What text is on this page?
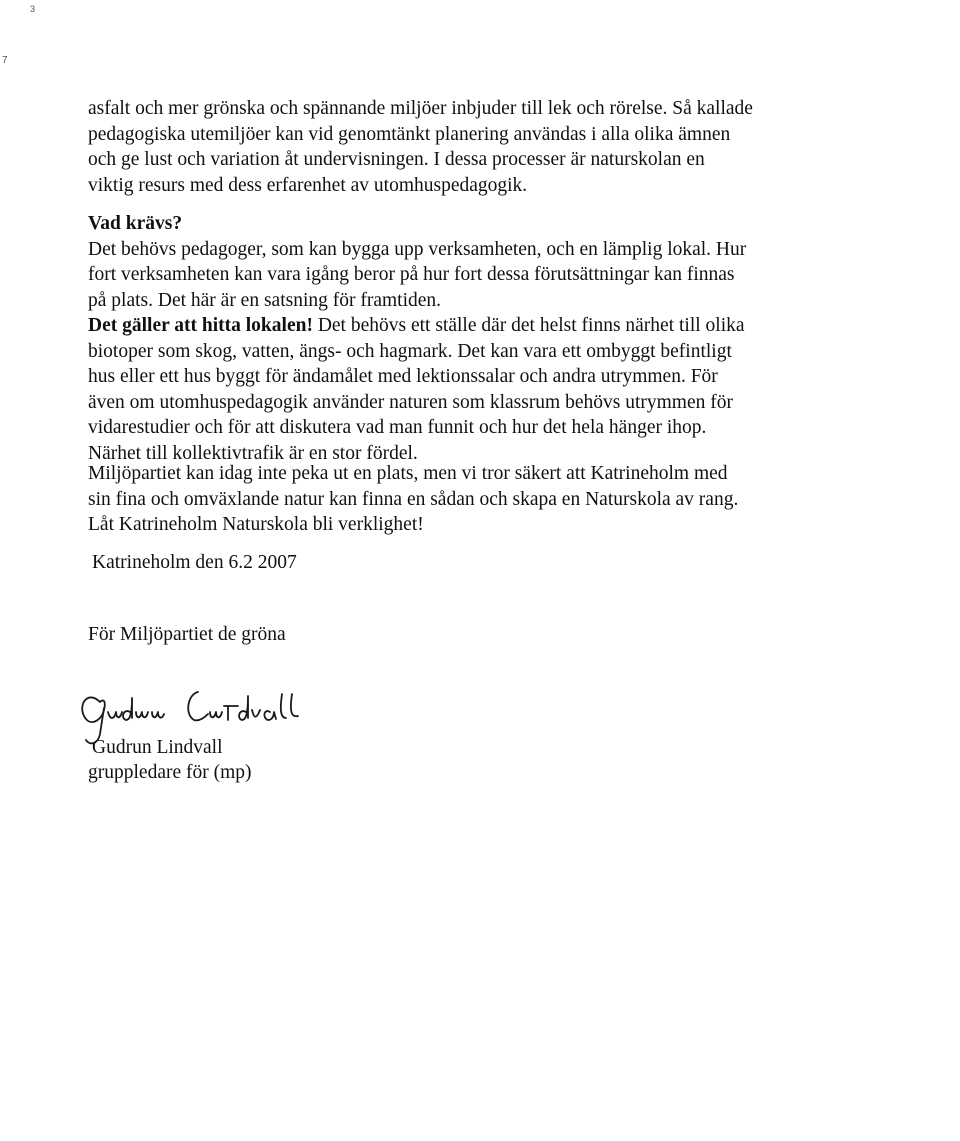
3
7

asfalt och mer grönska och spännande miljöer inbjuder till lek och rörelse. Så kallade
pedagogiska utemiljöer kan vid genomtänkt planering användas i alla olika ämnen
och ge lust och variation åt undervisningen. I dessa processer är naturskolan en
viktig resurs med dess erfarenhet av utomhuspedagogik.

Vad krävs?
Det behövs pedagoger, som kan bygga upp verksamheten, och en lämplig lokal. Hur
fort verksamheten kan vara igång beror på hur fort dessa förutsättningar kan finnas
på plats. Det här är en satsning för framtiden.
Det gäller att hitta lokalen! Det behövs ett ställe där det helst finns närhet till olika
biotoper som skog, vatten, ängs- och hagmark. Det kan vara ett ombyggt befintligt
hus eller ett hus byggt för ändamålet med lektionssalar och andra utrymmen. För
även om utomhuspedagogik använder naturen som klassrum behövs utrymmen för
vidarestudier och för att diskutera vad man funnit och hur det hela hänger ihop.
Närhet till kollektivtrafik är en stor fördel.
Miljöpartiet kan idag inte peka ut en plats, men vi tror säkert att Katrineholm med
sin fina och omväxlande natur kan finna en sådan och skapa en Naturskola av rang.
Låt Katrineholm Naturskola bli verklighet!
Katrineholm den 6.2 2007
För Miljöpartiet de gröna
Gudrun Lindvall
gruppledare för (mp)
